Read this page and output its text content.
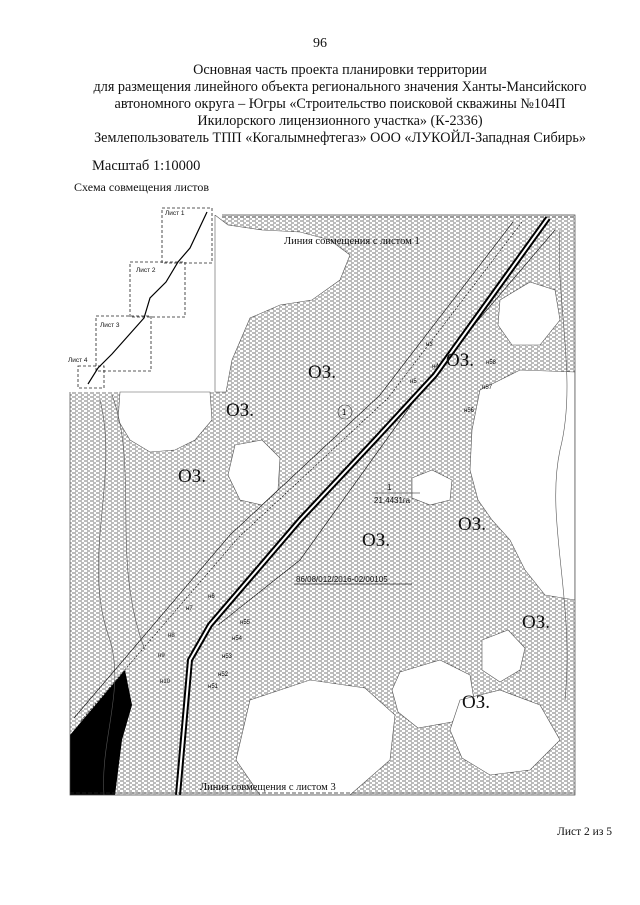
96
Основная часть проекта планировки территории
для размещения линейного объекта регионального значения Ханты-Мансийского
автономного округа – Югры «Строительство поисковой скважины №104П
Икилорского лицензионного участка» (К-2336)
Землепользователь ТПП «Когалымнефтегаз» ООО «ЛУКОЙЛ-Западная Сибирь»
Масштаб 1:10000
Схема совмещения листов
Лист 1
Лист 2
Лист 3
Лист 4
Линия совмещения с листом 1
Линия совмещения с листом 3
ОЗ.
ОЗ.
ОЗ.
ОЗ.
ОЗ.
ОЗ.
ОЗ.
ОЗ.
1
1
21,4431га
86/08/012/2016-02/00105
н3
н4
н5
н58
н57
н56
н6
н7
н8
н9
н10
н55
н54
н53
н52
н51
Лист 2 из 5
